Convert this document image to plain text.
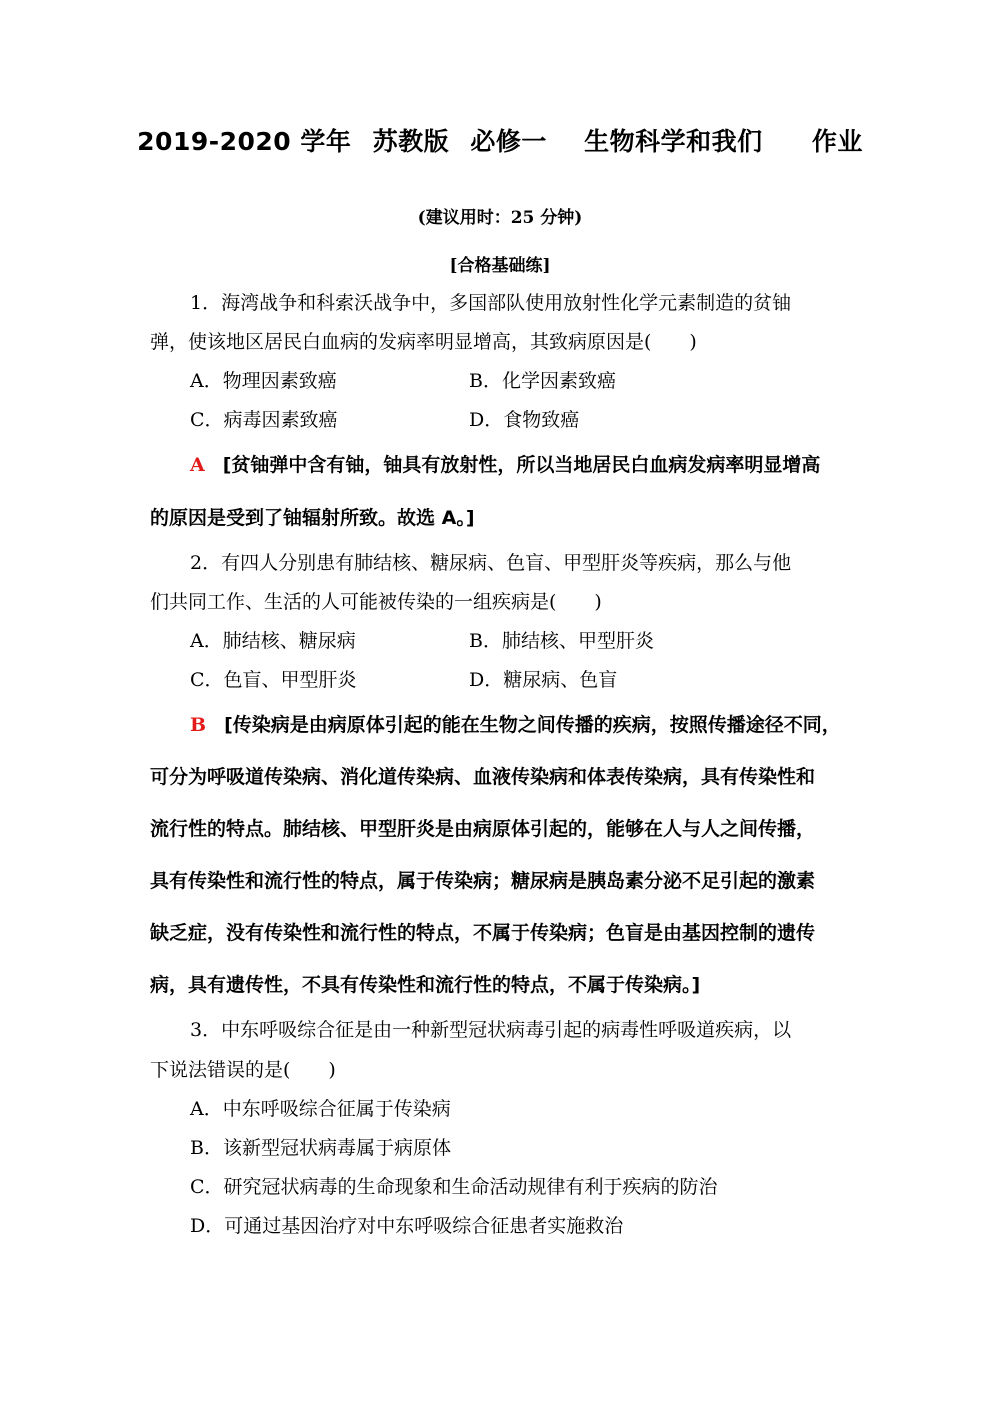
2019-2020 学年 苏教版 必修一 生物科学和我们 作业
(建议用时：25 分钟)
[合格基础练]
1．海湾战争和科索沃战争中，多国部队使用放射性化学元素制造的贫铀
弹，使该地区居民白血病的发病率明显增高，其致病原因是(　　)
A．物理因素致癌	B．化学因素致癌
C．病毒因素致癌	D．食物致癌
A [贫铀弹中含有铀，铀具有放射性，所以当地居民白血病发病率明显增高
的原因是受到了铀辐射所致。故选 A。]
2．有四人分别患有肺结核、糖尿病、色盲、甲型肝炎等疾病，那么与他
们共同工作、生活的人可能被传染的一组疾病是(　　)
A．肺结核、糖尿病	B．肺结核、甲型肝炎
C．色盲、甲型肝炎	D．糖尿病、色盲
B [传染病是由病原体引起的能在生物之间传播的疾病，按照传播途径不同，
可分为呼吸道传染病、消化道传染病、血液传染病和体表传染病，具有传染性和
流行性的特点。肺结核、甲型肝炎是由病原体引起的，能够在人与人之间传播，
具有传染性和流行性的特点，属于传染病；糖尿病是胰岛素分泌不足引起的激素
缺乏症，没有传染性和流行性的特点，不属于传染病；色盲是由基因控制的遗传
病，具有遗传性，不具有传染性和流行性的特点，不属于传染病。]
3．中东呼吸综合征是由一种新型冠状病毒引起的病毒性呼吸道疾病，以
下说法错误的是(　　)
A．中东呼吸综合征属于传染病
B．该新型冠状病毒属于病原体
C．研究冠状病毒的生命现象和生命活动规律有利于疾病的防治
D．可通过基因治疗对中东呼吸综合征患者实施救治
